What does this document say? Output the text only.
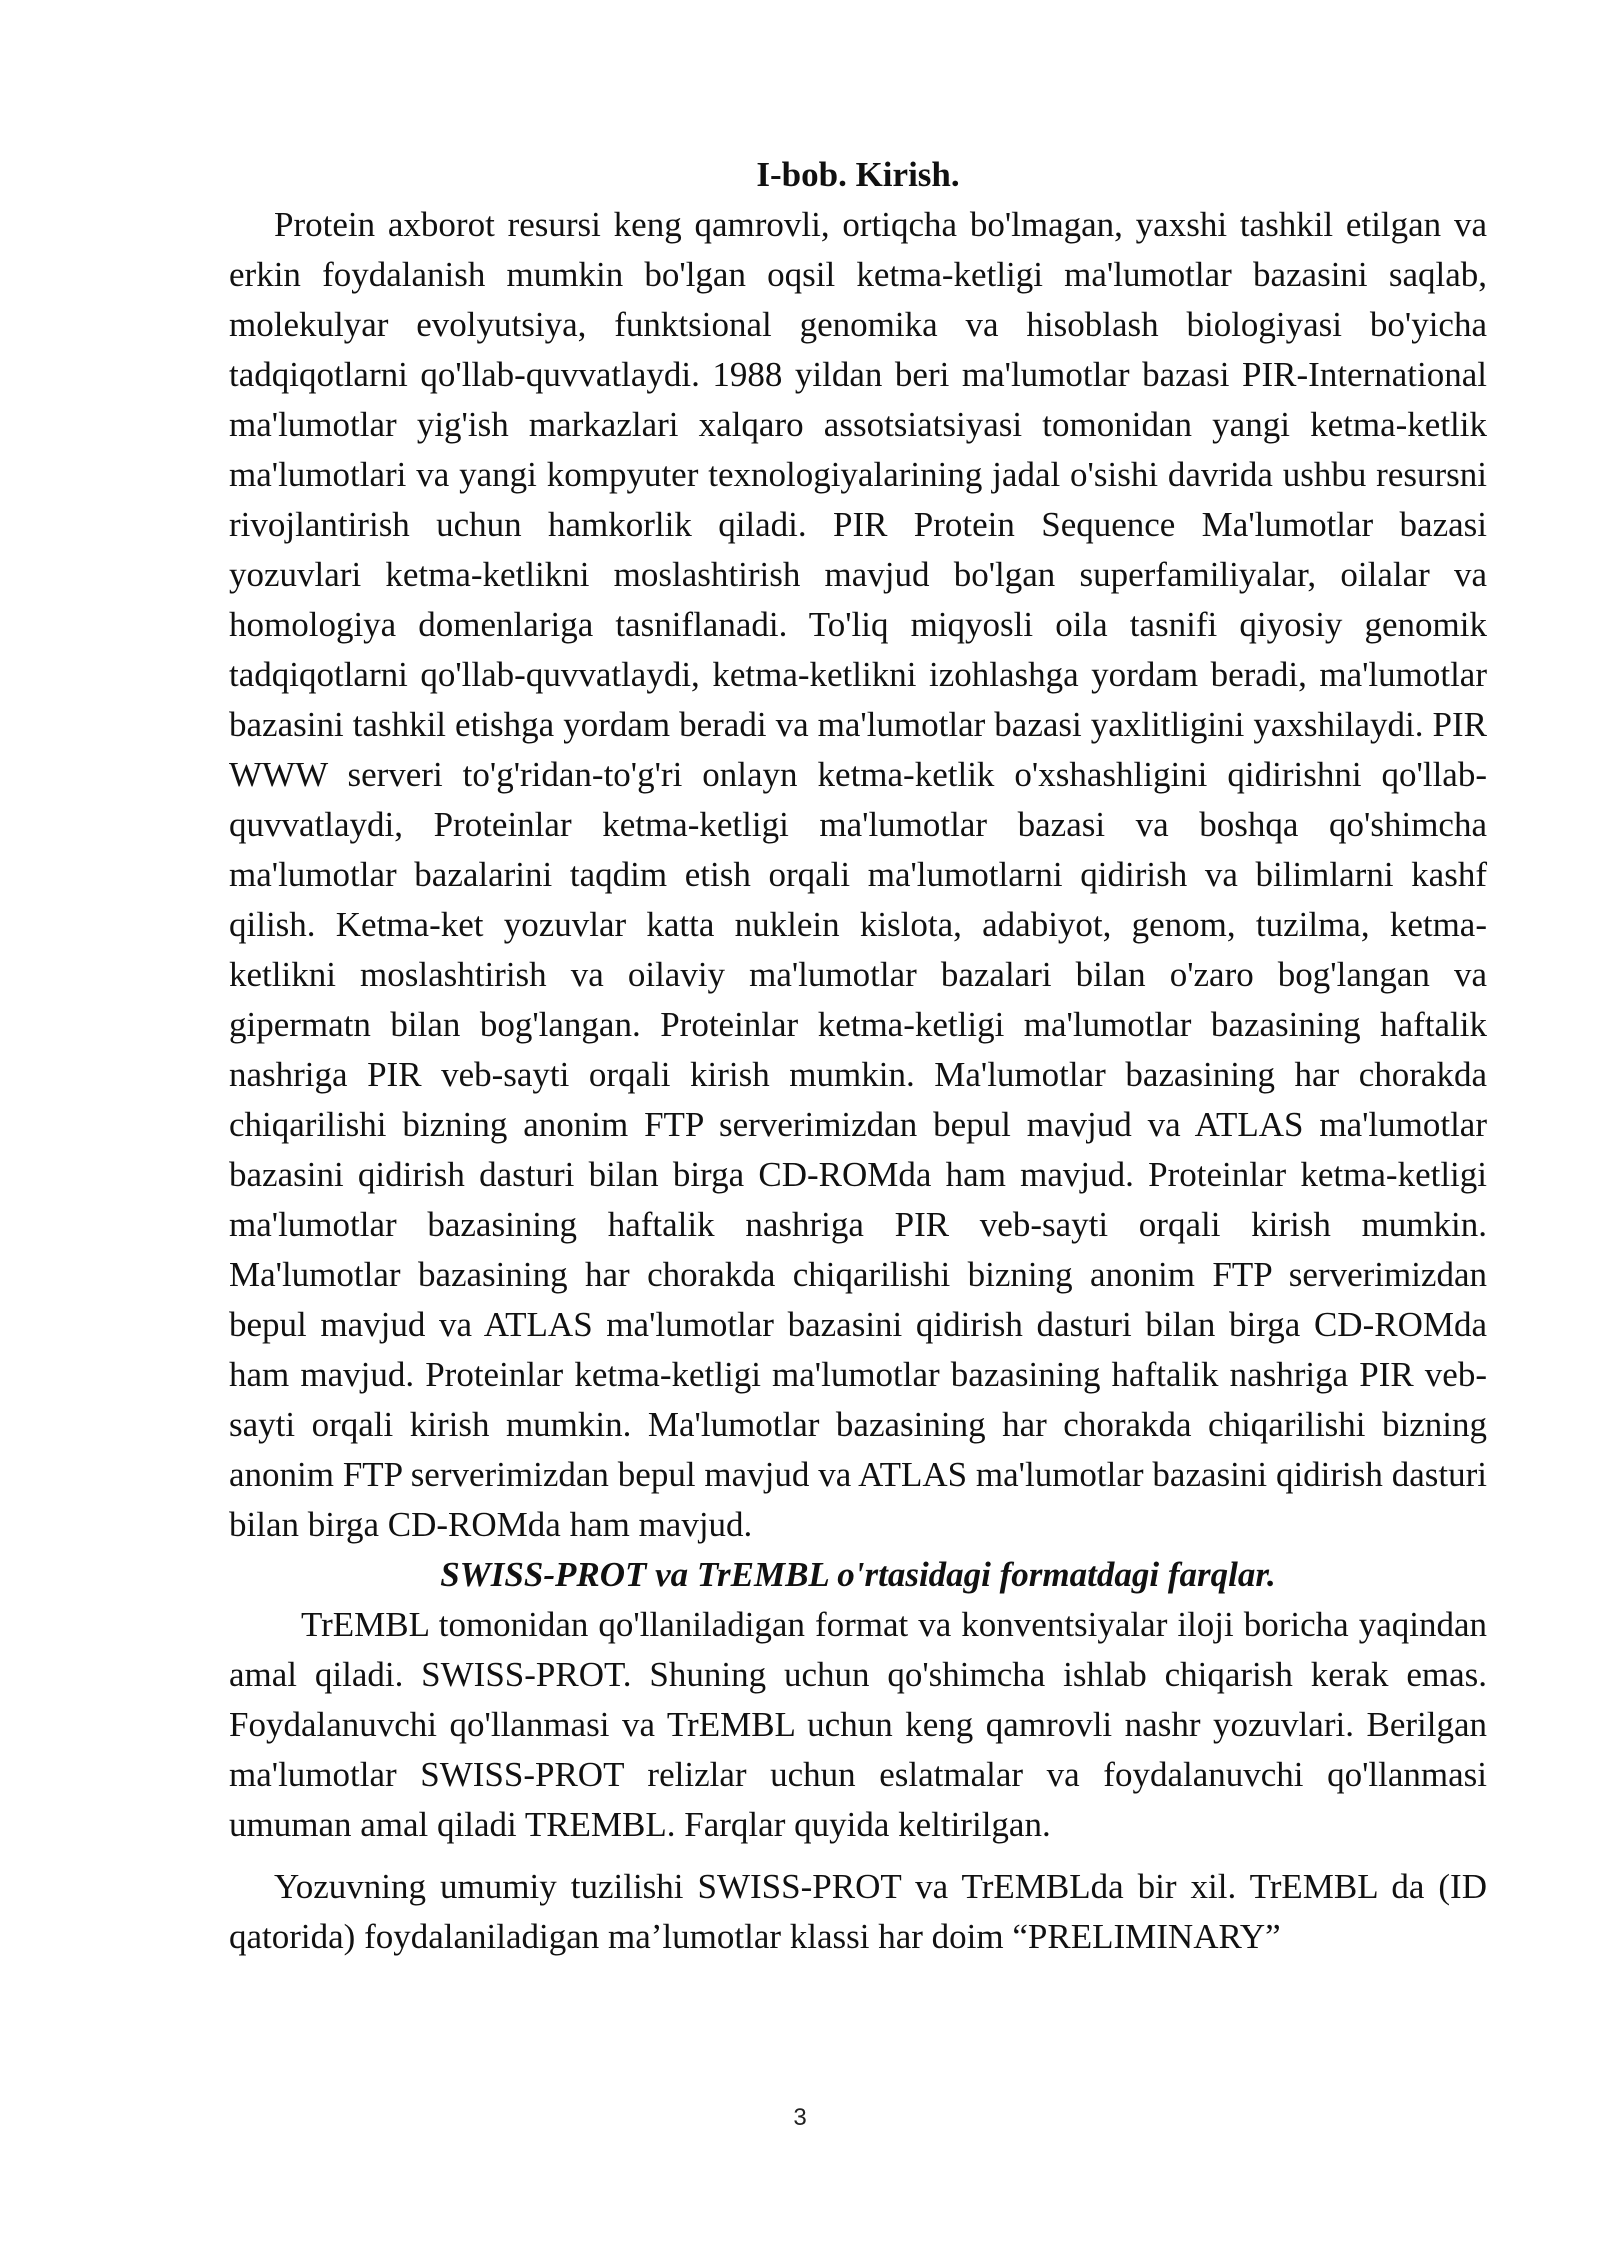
I-bob. Kirish.

Protein axborot resursi keng qamrovli, ortiqcha bo'lmagan, yaxshi tashkil etilgan va erkin foydalanish mumkin bo'lgan oqsil ketma-ketligi ma'lumotlar bazasini saqlab, molekulyar evolyutsiya, funktsional genomika va hisoblash biologiyasi bo'yicha tadqiqotlarni qo'llab-quvvatlaydi. 1988 yildan beri ma'lumotlar bazasi PIR-International ma'lumotlar yig'ish markazlari xalqaro assotsiatsiyasi tomonidan yangi ketma-ketlik ma'lumotlari va yangi kompyuter texnologiyalarining jadal o'sishi davrida ushbu resursni rivojlantirish uchun hamkorlik qiladi. PIR Protein Sequence Ma'lumotlar bazasi yozuvlari ketma-ketlikni moslashtirish mavjud bo'lgan superfamiliyalar, oilalar va homologiya domenlariga tasniflanadi. To'liq miqyosli oila tasnifi qiyosiy genomik tadqiqotlarni qo'llab-quvvatlaydi, ketma-ketlikni izohlashga yordam beradi, ma'lumotlar bazasini tashkil etishga yordam beradi va ma'lumotlar bazasi yaxlitligini yaxshilaydi. PIR WWW serveri to'g'ridan-to'g'ri onlayn ketma-ketlik o'xshashligini qidirishni qo'llab-quvvatlaydi, Proteinlar ketma-ketligi ma'lumotlar bazasi va boshqa qo'shimcha ma'lumotlar bazalarini taqdim etish orqali ma'lumotlarni qidirish va bilimlarni kashf qilish. Ketma-ket yozuvlar katta nuklein kislota, adabiyot, genom, tuzilma, ketma-ketlikni moslashtirish va oilaviy ma'lumotlar bazalari bilan o'zaro bog'langan va gipermatn bilan bog'langan. Proteinlar ketma-ketligi ma'lumotlar bazasining haftalik nashriga PIR veb-sayti orqali kirish mumkin. Ma'lumotlar bazasining har chorakda chiqarilishi bizning anonim FTP serverimizdan bepul mavjud va ATLAS ma'lumotlar bazasini qidirish dasturi bilan birga CD-ROMda ham mavjud. Proteinlar ketma-ketligi ma'lumotlar bazasining haftalik nashriga PIR veb-sayti orqali kirish mumkin. Ma'lumotlar bazasining har chorakda chiqarilishi bizning anonim FTP serverimizdan bepul mavjud va ATLAS ma'lumotlar bazasini qidirish dasturi bilan birga CD-ROMda ham mavjud. Proteinlar ketma-ketligi ma'lumotlar bazasining haftalik nashriga PIR veb-sayti orqali kirish mumkin. Ma'lumotlar bazasining har chorakda chiqarilishi bizning anonim FTP serverimizdan bepul mavjud va ATLAS ma'lumotlar bazasini qidirish dasturi bilan birga CD-ROMda ham mavjud.

SWISS-PROT va TrEMBL o'rtasidagi formatdagi farqlar.

TrEMBL tomonidan qo'llaniladigan format va konventsiyalar iloji boricha yaqindan amal qiladi. SWISS-PROT. Shuning uchun qo'shimcha ishlab chiqarish kerak emas. Foydalanuvchi qo'llanmasi va TrEMBL uchun keng qamrovli nashr yozuvlari. Berilgan ma'lumotlar SWISS-PROT relizlar uchun eslatmalar va foydalanuvchi qo'llanmasi umuman amal qiladi TREMBL. Farqlar quyida keltirilgan.

Yozuvning umumiy tuzilishi SWISS-PROT va TrEMBLda bir xil. TrEMBL da (ID qatorida) foydalaniladigan ma’lumotlar klassi har doim “PRELIMINARY”

3
